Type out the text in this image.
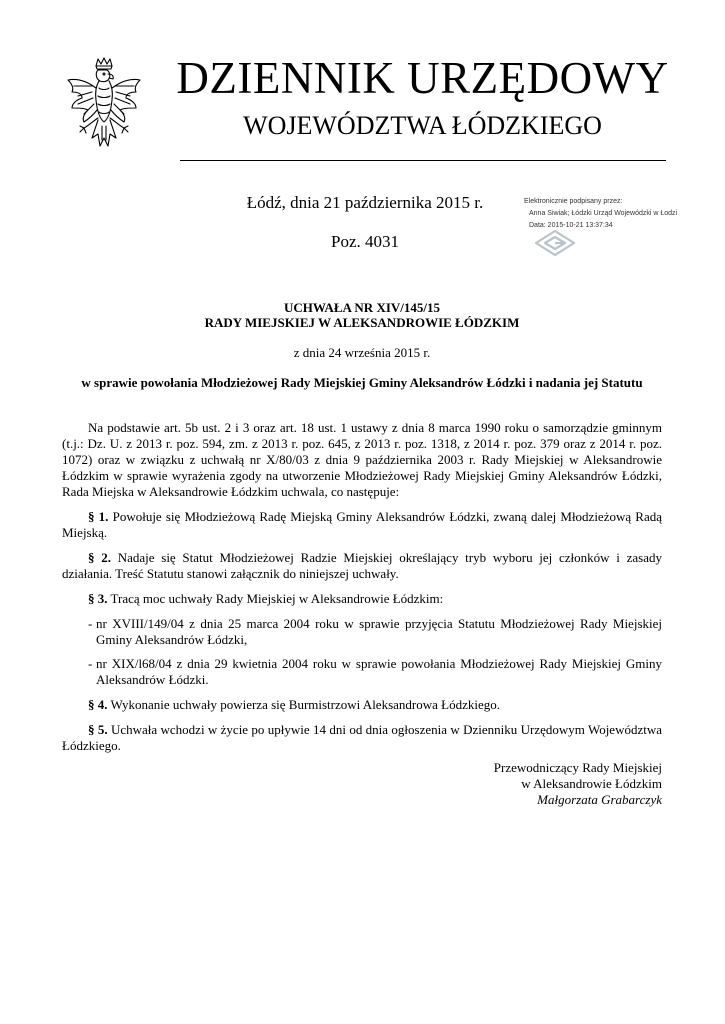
DZIENNIK URZĘDOWY
WOJEWÓDZTWA ŁÓDZKIEGO
Łódź, dnia 21 października 2015 r.
Poz. 4031
Elektronicznie podpisany przez:
Anna Siwiak; Łódzki Urząd Wojewódzki w Łodzi
Data: 2015-10-21 13:37:34
UCHWAŁA NR XIV/145/15
RADY MIEJSKIEJ W ALEKSANDROWIE ŁÓDZKIM
z dnia 24 września 2015 r.
w sprawie powołania Młodzieżowej Rady Miejskiej Gminy Aleksandrów Łódzki i nadania jej Statutu

Na podstawie art. 5b ust. 2 i 3 oraz art. 18 ust. 1 ustawy z dnia 8 marca 1990 roku o samorządzie gminnym (t.j.: Dz. U. z 2013 r. poz. 594, zm. z 2013 r. poz. 645, z 2013 r. poz. 1318, z 2014 r. poz. 379 oraz z 2014 r. poz. 1072) oraz w związku z uchwałą nr X/80/03 z dnia 9 października 2003 r. Rady Miejskiej w Aleksandrowie Łódzkim w sprawie wyrażenia zgody na utworzenie Młodzieżowej Rady Miejskiej Gminy Aleksandrów Łódzki, Rada Miejska w Aleksandrowie Łódzkim uchwala, co następuje:

§ 1. Powołuje się Młodzieżową Radę Miejską Gminy Aleksandrów Łódzki, zwaną dalej Młodzieżową Radą Miejską.

§ 2. Nadaje się Statut Młodzieżowej Radzie Miejskiej określający tryb wyboru jej członków i zasady działania. Treść Statutu stanowi załącznik do niniejszej uchwały.

§ 3. Tracą moc uchwały Rady Miejskiej w Aleksandrowie Łódzkim:

- nr XVIII/149/04 z dnia 25 marca 2004 roku w sprawie przyjęcia Statutu Młodzieżowej Rady Miejskiej Gminy Aleksandrów Łódzki,
- nr XIX/l68/04 z dnia 29 kwietnia 2004 roku w sprawie powołania Młodzieżowej Rady Miejskiej Gminy Aleksandrów Łódzki.

§ 4. Wykonanie uchwały powierza się Burmistrzowi Aleksandrowa Łódzkiego.

§ 5. Uchwała wchodzi w życie po upływie 14 dni od dnia ogłoszenia w Dzienniku Urzędowym Województwa Łódzkiego.

Przewodniczący Rady Miejskiej
w Aleksandrowie Łódzkim
Małgorzata Grabarczyk
